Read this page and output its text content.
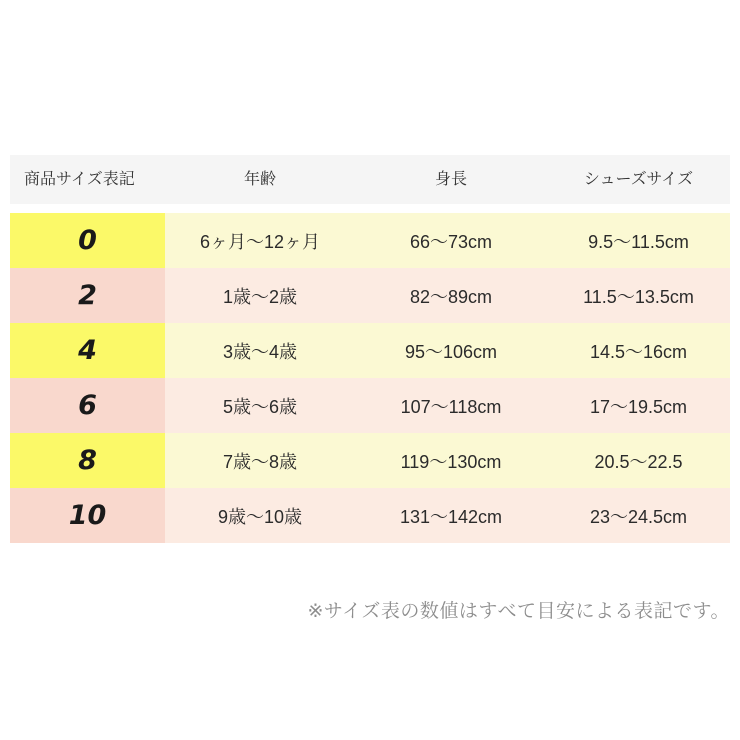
商品サイズ表記	年齢	身長	シューズサイズ
0	6ヶ月〜12ヶ月	66〜73cm	9.5〜11.5cm
2	1歳〜2歳	82〜89cm	11.5〜13.5cm
4	3歳〜4歳	95〜106cm	14.5〜16cm
6	5歳〜6歳	107〜118cm	17〜19.5cm
8	7歳〜8歳	119〜130cm	20.5〜22.5
10	9歳〜10歳	131〜142cm	23〜24.5cm
※サイズ表の数値はすべて目安による表記です。
